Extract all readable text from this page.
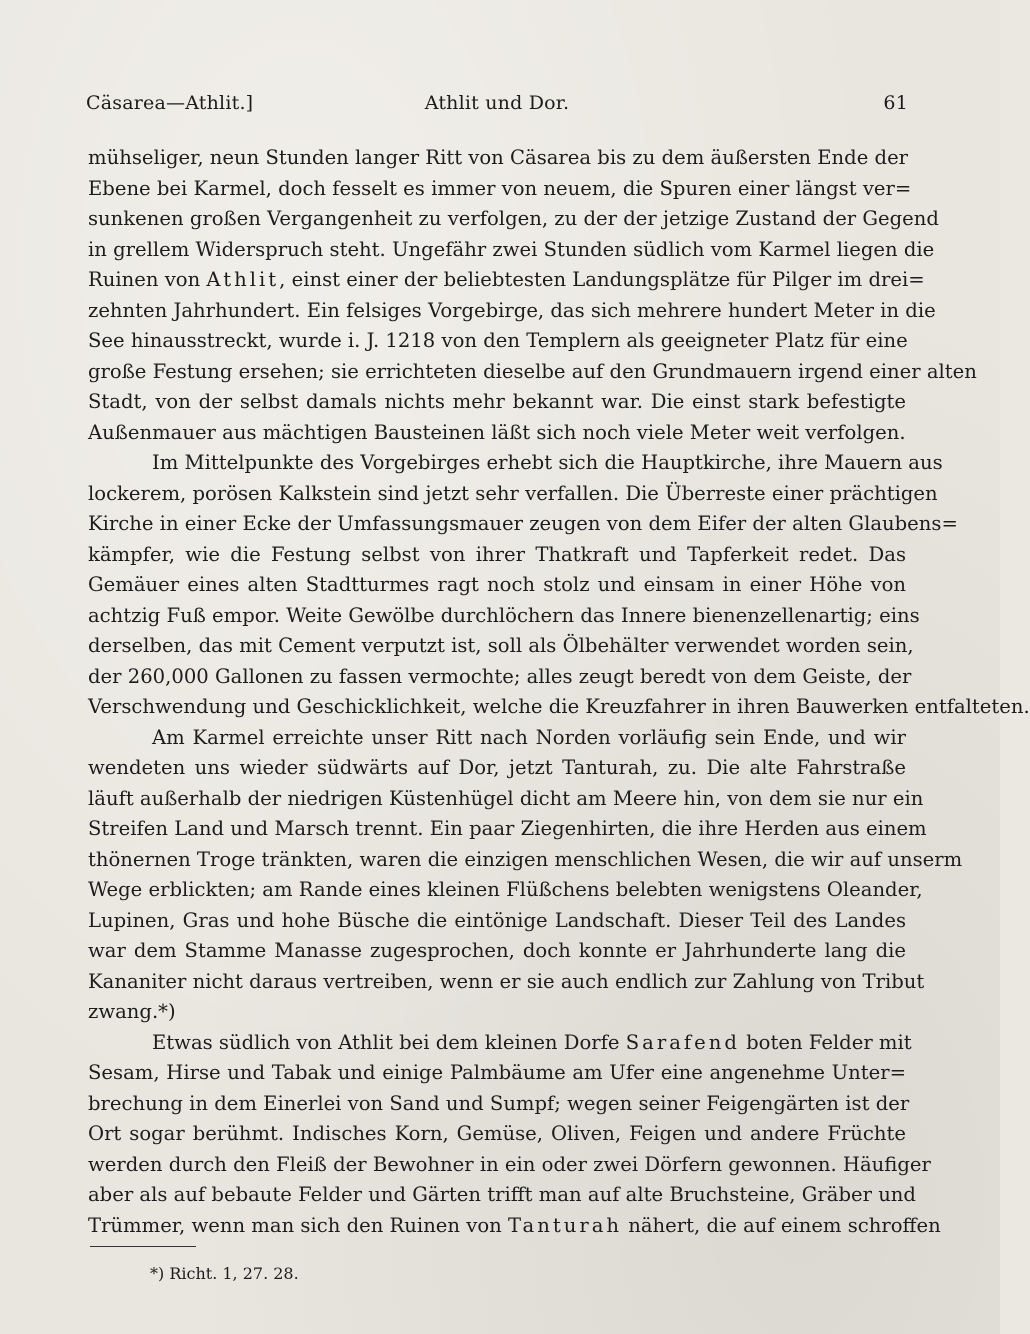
Cäsarea—Athlit.]	Athlit und Dor.	61
mühseliger, neun Stunden langer Ritt von Cäsarea bis zu dem äußersten Ende der
Ebene bei Karmel, doch fesselt es immer von neuem, die Spuren einer längst ver=
sunkenen großen Vergangenheit zu verfolgen, zu der der jetzige Zustand der Gegend
in grellem Widerspruch steht. Ungefähr zwei Stunden südlich vom Karmel liegen die
Ruinen von Athlit, einst einer der beliebtesten Landungsplätze für Pilger im drei=
zehnten Jahrhundert. Ein felsiges Vorgebirge, das sich mehrere hundert Meter in die
See hinausstreckt, wurde i. J. 1218 von den Templern als geeigneter Platz für eine
große Festung ersehen; sie errichteten dieselbe auf den Grundmauern irgend einer alten
Stadt, von der selbst damals nichts mehr bekannt war. Die einst stark befestigte
Außenmauer aus mächtigen Bausteinen läßt sich noch viele Meter weit verfolgen.
Im Mittelpunkte des Vorgebirges erhebt sich die Hauptkirche, ihre Mauern aus
lockerem, porösen Kalkstein sind jetzt sehr verfallen. Die Überreste einer prächtigen
Kirche in einer Ecke der Umfassungsmauer zeugen von dem Eifer der alten Glaubens=
kämpfer, wie die Festung selbst von ihrer Thatkraft und Tapferkeit redet. Das
Gemäuer eines alten Stadtturmes ragt noch stolz und einsam in einer Höhe von
achtzig Fuß empor. Weite Gewölbe durchlöchern das Innere bienenzellenartig; eins
derselben, das mit Cement verputzt ist, soll als Ölbehälter verwendet worden sein,
der 260,000 Gallonen zu fassen vermochte; alles zeugt beredt von dem Geiste, der
Verschwendung und Geschicklichkeit, welche die Kreuzfahrer in ihren Bauwerken entfalteten.
Am Karmel erreichte unser Ritt nach Norden vorläufig sein Ende, und wir
wendeten uns wieder südwärts auf Dor, jetzt Tanturah, zu. Die alte Fahrstraße
läuft außerhalb der niedrigen Küstenhügel dicht am Meere hin, von dem sie nur ein
Streifen Land und Marsch trennt. Ein paar Ziegenhirten, die ihre Herden aus einem
thönernen Troge tränkten, waren die einzigen menschlichen Wesen, die wir auf unserm
Wege erblickten; am Rande eines kleinen Flüßchens belebten wenigstens Oleander,
Lupinen, Gras und hohe Büsche die eintönige Landschaft. Dieser Teil des Landes
war dem Stamme Manasse zugesprochen, doch konnte er Jahrhunderte lang die
Kananiter nicht daraus vertreiben, wenn er sie auch endlich zur Zahlung von Tribut
zwang.*)
Etwas südlich von Athlit bei dem kleinen Dorfe Sarafend boten Felder mit
Sesam, Hirse und Tabak und einige Palmbäume am Ufer eine angenehme Unter=
brechung in dem Einerlei von Sand und Sumpf; wegen seiner Feigengärten ist der
Ort sogar berühmt. Indisches Korn, Gemüse, Oliven, Feigen und andere Früchte
werden durch den Fleiß der Bewohner in ein oder zwei Dörfern gewonnen. Häufiger
aber als auf bebaute Felder und Gärten trifft man auf alte Bruchsteine, Gräber und
Trümmer, wenn man sich den Ruinen von Tanturah nähert, die auf einem schroffen
*) Richt. 1, 27. 28.
